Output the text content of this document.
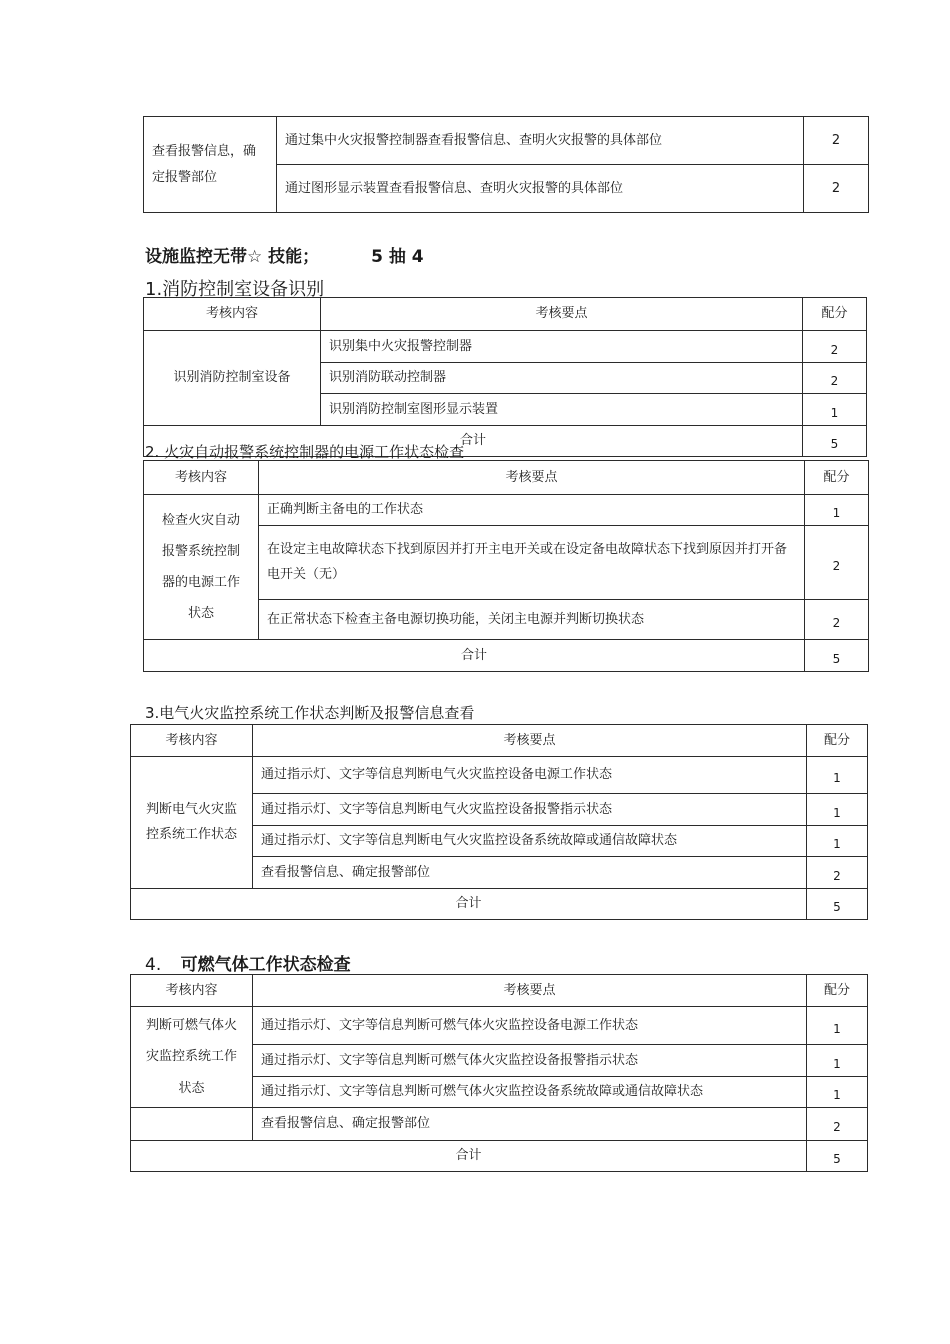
查看报警信息，确定报警部位	通过集中火灾报警控制器查看报警信息、查明火灾报警的具体部位	2
	通过图形显示装置查看报警信息、查明火灾报警的具体部位	2
设施监控无带☆ 技能；	5 抽 4
1.消防控制室设备识别
考核内容	考核要点	配分
识别消防控制室设备	识别集中火灾报警控制器	2
	识别消防联动控制器	2
	识别消防控制室图形显示装置	1
合计		5
2. 火灾自动报警系统控制器的电源工作状态检查
考核内容	考核要点	配分
检查火灾自动报警系统控制器的电源工作状态	正确判断主备电的工作状态	1
	在设定主电故障状态下找到原因并打开主电开关或在设定备电故障状态下找到原因并打开备电开关（无）	2
	在正常状态下检查主备电源切换功能，关闭主电源并判断切换状态	2
合计		5
3.电气火灾监控系统工作状态判断及报警信息查看
考核内容	考核要点	配分
判断电气火灾监控系统工作状态	通过指示灯、文字等信息判断电气火灾监控设备电源工作状态	1
	通过指示灯、文字等信息判断电气火灾监控设备报警指示状态	1
	通过指示灯、文字等信息判断电气火灾监控设备系统故障或通信故障状态	1
	查看报警信息、确定报警部位	2
合计		5
4. 可燃气体工作状态检查
考核内容	考核要点	配分
判断可燃气体火灾监控系统工作状态	通过指示灯、文字等信息判断可燃气体火灾监控设备电源工作状态	1
	通过指示灯、文字等信息判断可燃气体火灾监控设备报警指示状态	1
	通过指示灯、文字等信息判断可燃气体火灾监控设备系统故障或通信故障状态	1
	查看报警信息、确定报警部位	2
合计		5
